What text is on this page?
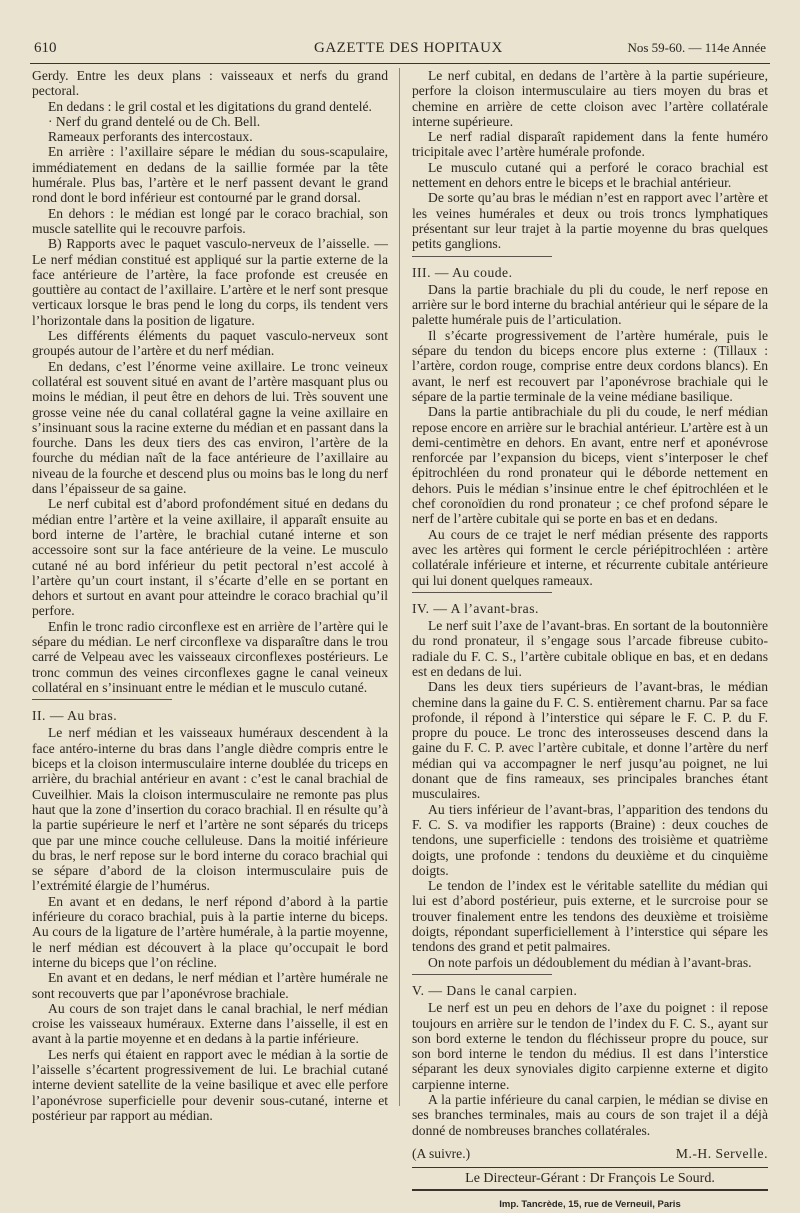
610	GAZETTE DES HOPITAUX	Nos 59-60. — 114e Année

Gerdy. Entre les deux plans : vaisseaux et nerfs du grand pectoral.

En dedans : le gril costal et les digitations du grand dentelé.

· Nerf du grand dentelé ou de Ch. Bell.

Rameaux perforants des intercostaux.

En arrière : l’axillaire sépare le médian du sous-scapulaire, immédiatement en dedans de la saillie formée par la tête humérale. Plus bas, l’artère et le nerf passent devant le grand rond dont le bord inférieur est contourné par le grand dorsal.

En dehors : le médian est longé par le coraco brachial, son muscle satellite qui le recouvre parfois.

B) Rapports avec le paquet vasculo-nerveux de l’aisselle. — Le nerf médian constitué est appliqué sur la partie externe de la face antérieure de l’artère, la face profonde est creusée en gouttière au contact de l’axillaire. L’artère et le nerf sont presque verticaux lorsque le bras pend le long du corps, ils tendent vers l’horizontale dans la position de ligature.

Les différents éléments du paquet vasculo-nerveux sont groupés autour de l’artère et du nerf médian.

En dedans, c’est l’énorme veine axillaire. Le tronc veineux collatéral est souvent situé en avant de l’artère masquant plus ou moins le médian, il peut être en dehors de lui. Très souvent une grosse veine née du canal collatéral gagne la veine axillaire en s’insinuant sous la racine externe du médian et en passant dans la fourche. Dans les deux tiers des cas environ, l’artère de la fourche du médian naît de la face antérieure de l’axillaire au niveau de la fourche et descend plus ou moins bas le long du nerf dans l’épaisseur de sa gaine.

Le nerf cubital est d’abord profondément situé en dedans du médian entre l’artère et la veine axillaire, il apparaît ensuite au bord interne de l’artère, le brachial cutané interne et son accessoire sont sur la face antérieure de la veine. Le musculo cutané né au bord inférieur du petit pectoral n’est accolé à l’artère qu’un court instant, il s’écarte d’elle en se portant en dehors et surtout en avant pour atteindre le coraco brachial qu’il perfore.

Enfin le tronc radio circonflexe est en arrière de l’artère qui le sépare du médian. Le nerf circonflexe va disparaître dans le trou carré de Velpeau avec les vaisseaux circonflexes postérieurs. Le tronc commun des veines circonflexes gagne le canal veineux collatéral en s’insinuant entre le médian et le musculo cutané.

II. — Au bras.

Le nerf médian et les vaisseaux huméraux descendent à la face antéro-interne du bras dans l’angle dièdre compris entre le biceps et la cloison intermusculaire interne doublée du triceps en arrière, du brachial antérieur en avant : c’est le canal brachial de Cuveilhier. Mais la cloison intermusculaire ne remonte pas plus haut que la zone d’insertion du coraco brachial. Il en résulte qu’à la partie supérieure le nerf et l’artère ne sont séparés du triceps que par une mince couche celluleuse. Dans la moitié inférieure du bras, le nerf repose sur le bord interne du coraco brachial qui se sépare d’abord de la cloison intermusculaire puis de l’extrémité élargie de l’humérus.

En avant et en dedans, le nerf répond d’abord à la partie inférieure du coraco brachial, puis à la partie interne du biceps. Au cours de la ligature de l’artère humérale, à la partie moyenne, le nerf médian est découvert à la place qu’occupait le bord interne du biceps que l’on récline.

En avant et en dedans, le nerf médian et l’artère humérale ne sont recouverts que par l’aponévrose brachiale.

Au cours de son trajet dans le canal brachial, le nerf médian croise les vaisseaux huméraux. Externe dans l’aisselle, il est en avant à la partie moyenne et en dedans à la partie inférieure.

Les nerfs qui étaient en rapport avec le médian à la sortie de l’aisselle s’écartent progressivement de lui. Le brachial cutané interne devient satellite de la veine basilique et avec elle perfore l’aponévrose superficielle pour devenir sous-cutané, interne et postérieur par rapport au médian.

Le nerf cubital, en dedans de l’artère à la partie supérieure, perfore la cloison intermusculaire au tiers moyen du bras et chemine en arrière de cette cloison avec l’artère collatérale interne supérieure.

Le nerf radial disparaît rapidement dans la fente huméro tricipitale avec l’artère humérale profonde.

Le musculo cutané qui a perforé le coraco brachial est nettement en dehors entre le biceps et le brachial antérieur.

De sorte qu’au bras le médian n’est en rapport avec l’artère et les veines humérales et deux ou trois troncs lymphatiques présentant sur leur trajet à la partie moyenne du bras quelques petits ganglions.

III. — Au coude.

Dans la partie brachiale du pli du coude, le nerf repose en arrière sur le bord interne du brachial antérieur qui le sépare de la palette humérale puis de l’articulation.

Il s’écarte progressivement de l’artère humérale, puis le sépare du tendon du biceps encore plus externe : (Tillaux : l’artère, cordon rouge, comprise entre deux cordons blancs). En avant, le nerf est recouvert par l’aponévrose brachiale qui le sépare de la partie terminale de la veine médiane basilique.

Dans la partie antibrachiale du pli du coude, le nerf médian repose encore en arrière sur le brachial antérieur. L’artère est à un demi-centimètre en dehors. En avant, entre nerf et aponévrose renforcée par l’expansion du biceps, vient s’interposer le chef épitrochléen du rond pronateur qui le déborde nettement en dehors. Puis le médian s’insinue entre le chef épitrochléen et le chef coronoïdien du rond pronateur ; ce chef profond sépare le nerf de l’artère cubitale qui se porte en bas et en dedans.

Au cours de ce trajet le nerf médian présente des rapports avec les artères qui forment le cercle périépitrochléen : artère collatérale inférieure et interne, et récurrente cubitale antérieure qui lui donent quelques rameaux.

IV. — A l’avant-bras.

Le nerf suit l’axe de l’avant-bras. En sortant de la boutonnière du rond pronateur, il s’engage sous l’arcade fibreuse cubito-radiale du F. C. S., l’artère cubitale oblique en bas, et en dedans est en dedans de lui.

Dans les deux tiers supérieurs de l’avant-bras, le médian chemine dans la gaine du F. C. S. entièrement charnu. Par sa face profonde, il répond à l’interstice qui sépare le F. C. P. du F. propre du pouce. Le tronc des interosseuses descend dans la gaine du F. C. P. avec l’artère cubitale, et donne l’artère du nerf médian qui va accompagner le nerf jusqu’au poignet, ne lui donant que de fins rameaux, ses principales branches étant musculaires.

Au tiers inférieur de l’avant-bras, l’apparition des tendons du F. C. S. va modifier les rapports (Braine) : deux couches de tendons, une superficielle : tendons des troisième et quatrième doigts, une profonde : tendons du deuxième et du cinquième doigts.

Le tendon de l’index est le véritable satellite du médian qui lui est d’abord postérieur, puis externe, et le surcroise pour se trouver finalement entre les tendons des deuxième et troisième doigts, répondant superficiellement à l’interstice qui sépare les tendons des grand et petit palmaires.

On note parfois un dédoublement du médian à l’avant-bras.

V. — Dans le canal carpien.

Le nerf est un peu en dehors de l’axe du poignet : il repose toujours en arrière sur le tendon de l’index du F. C. S., ayant sur son bord externe le tendon du fléchisseur propre du pouce, sur son bord interne le tendon du médius. Il est dans l’interstice séparant les deux synoviales digito carpienne externe et digito carpienne interne.

A la partie inférieure du canal carpien, le médian se divise en ses branches terminales, mais au cours de son trajet il a déjà donné de nombreuses branches collatérales.

(A suivre.)	M.-H. Servelle.
Le Directeur-Gérant : Dr François Le Sourd.
Imp. Tancrède, 15, rue de Verneuil, Paris
